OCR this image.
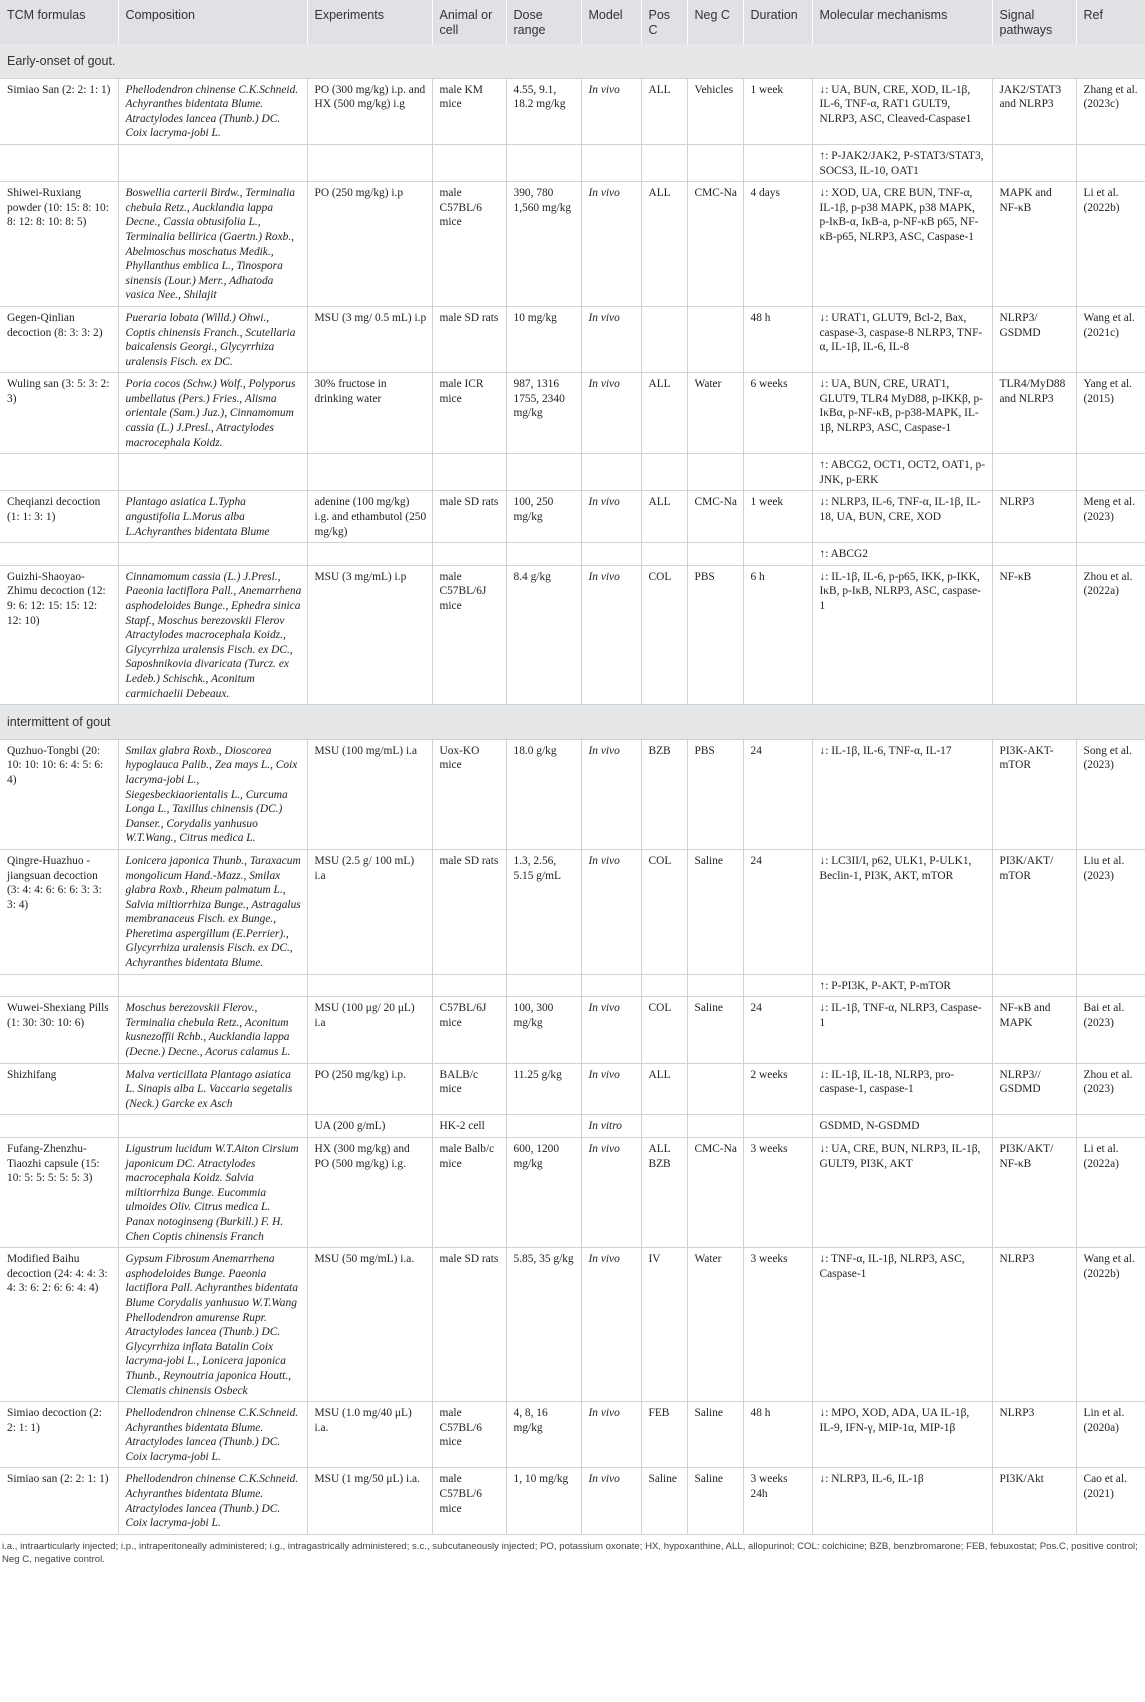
TCM formulas	Composition	Experiments	Animal or cell	Dose range	Model	Pos C	Neg C	Duration	Molecular mechanisms	Signal pathways	Ref
Early-onset of gout.											
Simiao San (2: 2: 1: 1)	Phellodendron chinense C.K.Schneid. Achyranthes bidentata Blume. Atractylodes lancea (Thunb.) DC. Coix lacryma-jobi L.	PO (300 mg/kg) i.p. and HX (500 mg/kg) i.g	male KM mice	4.55, 9.1, 18.2 mg/kg	In vivo	ALL	Vehicles	1 week	↓: UA, BUN, CRE, XOD, IL-1β, IL-6, TNF-α, RAT1 GULT9, NLRP3, ASC, Cleaved-Caspase1	JAK2/STAT3 and NLRP3	Zhang et al. (2023c)
									↑: P-JAK2/JAK2, P-STAT3/STAT3, SOCS3, IL-10, OAT1		
Shiwei-Ruxiang powder (10: 15: 8: 10: 8: 12: 8: 10: 8: 5)	Boswellia carterii Birdw., Terminalia chebula Retz., Aucklandia lappa Decne., Cassia obtusifolia L., Terminalia bellirica (Gaertn.) Roxb., Abelmoschus moschatus Medik., Phyllanthus emblica L., Tinospora sinensis (Lour.) Merr., Adhatoda vasica Nee., Shilajit	PO (250 mg/kg) i.p	male C57BL/6 mice	390, 780 1,560 mg/kg	In vivo	ALL	CMC-Na	4 days	↓: XOD, UA, CRE BUN, TNF-α, IL-1β, p-p38 MAPK, p38 MAPK, p-IκB-α, IκB-a, p-NF-κB p65, NF-κB-p65, NLRP3, ASC, Caspase-1	MAPK and NF-κB	Li et al. (2022b)
Gegen-Qinlian decoction (8: 3: 3: 2)	Pueraria lobata (Willd.) Ohwi., Coptis chinensis Franch., Scutellaria baicalensis Georgi., Glycyrrhiza uralensis Fisch. ex DC.	MSU (3 mg/ 0.5 mL) i.p	male SD rats	10 mg/kg	In vivo			48 h	↓: URAT1, GLUT9, Bcl-2, Bax, caspase-3, caspase-8 NLRP3, TNF-α, IL-1β, IL-6, IL-8	NLRP3/ GSDMD	Wang et al. (2021c)
Wuling san (3: 5: 3: 2: 3)	Poria cocos (Schw.) Wolf., Polyporus umbellatus (Pers.) Fries., Alisma orientale (Sam.) Juz.), Cinnamomum cassia (L.) J.Presl., Atractylodes macrocephala Koidz.	30% fructose in drinking water	male ICR mice	987, 1316 1755, 2340 mg/kg	In vivo	ALL	Water	6 weeks	↓: UA, BUN, CRE, URAT1, GLUT9, TLR4 MyD88, p-IKKβ, p-IκBα, p-NF-κB, p-p38-MAPK, IL-1β, NLRP3, ASC, Caspase-1	TLR4/MyD88 and NLRP3	Yang et al. (2015)
									↑: ABCG2, OCT1, OCT2, OAT1, p-JNK, p-ERK		
Cheqianzi decoction (1: 1: 3: 1)	Plantago asiatica L.Typha angustifolia L.Morus alba L.Achyranthes bidentata Blume	adenine (100 mg/kg) i.g. and ethambutol (250 mg/kg)	male SD rats	100, 250 mg/kg	In vivo	ALL	CMC-Na	1 week	↓: NLRP3, IL-6, TNF-α, IL-1β, IL-18, UA, BUN, CRE, XOD	NLRP3	Meng et al. (2023)
									↑: ABCG2		
Guizhi-Shaoyao-Zhimu decoction (12: 9: 6: 12: 15: 15: 12: 12: 10)	Cinnamomum cassia (L.) J.Presl., Paeonia lactiflora Pall., Anemarrhena asphodeloides Bunge., Ephedra sinica Stapf., Moschus berezovskii Flerov Atractylodes macrocephala Koidz., Glycyrrhiza uralensis Fisch. ex DC., Saposhnikovia divaricata (Turcz. ex Ledeb.) Schischk., Aconitum carmichaelii Debeaux.	MSU (3 mg/mL) i.p	male C57BL/6J mice	8.4 g/kg	In vivo	COL	PBS	6 h	↓: IL-1β, IL-6, p-p65, IKK, p-IKK, IκB, p-IκB, NLRP3, ASC, caspase-1	NF-κB	Zhou et al. (2022a)
intermittent of gout											
Quzhuo-Tongbi (20: 10: 10: 10: 6: 4: 5: 6: 4)	Smilax glabra Roxb., Dioscorea hypoglauca Palib., Zea mays L., Coix lacryma-jobi L., Siegesbeckiaorientalis L., Curcuma Longa L., Taxillus chinensis (DC.) Danser., Corydalis yanhusuo W.T.Wang., Citrus medica L.	MSU (100 mg/mL) i.a	Uox-KO mice	18.0 g/kg	In vivo	BZB	PBS	24	↓: IL-1β, IL-6, TNF-α, IL-17	PI3K-AKT-mTOR	Song et al. (2023)
Qingre-Huazhuo -jiangsuan decoction (3: 4: 4: 6: 6: 6: 3: 3: 3: 4)	Lonicera japonica Thunb., Taraxacum mongolicum Hand.-Mazz., Smilax glabra Roxb., Rheum palmatum L., Salvia miltiorrhiza Bunge., Astragalus membranaceus Fisch. ex Bunge., Pheretima aspergillum (E.Perrier)., Glycyrrhiza uralensis Fisch. ex DC., Achyranthes bidentata Blume.	MSU (2.5 g/ 100 mL) i.a	male SD rats	1.3, 2.56, 5.15 g/mL	In vivo	COL	Saline	24	↓: LC3II/I, p62, ULK1, P-ULK1, Beclin-1, PI3K, AKT, mTOR	PI3K/AKT/ mTOR	Liu et al. (2023)
									↑: P-PI3K, P-AKT, P-mTOR		
Wuwei-Shexiang Pills (1: 30: 30: 10: 6)	Moschus berezovskii Flerov., Terminalia chebula Retz., Aconitum kusnezoffii Rchb., Aucklandia lappa (Decne.) Decne., Acorus calamus L.	MSU (100 μg/ 20 μL) i.a	C57BL/6J mice	100, 300 mg/kg	In vivo	COL	Saline	24	↓: IL-1β, TNF-α, NLRP3, Caspase-1	NF-κB and MAPK	Bai et al. (2023)
Shizhifang	Malva verticillata Plantago asiatica L. Sinapis alba L. Vaccaria segetalis (Neck.) Garcke ex Asch	PO (250 mg/kg) i.p.	BALB/c mice	11.25 g/kg	In vivo	ALL		2 weeks	↓: IL-1β, IL-18, NLRP3, pro-caspase-1, caspase-1	NLRP3// GSDMD	Zhou et al. (2023)
		UA (200 g/mL)	HK-2 cell		In vitro				GSDMD, N-GSDMD		
Fufang-Zhenzhu-Tiaozhi capsule (15: 10: 5: 5: 5: 5: 5: 3)	Ligustrum lucidum W.T.Aiton Cirsium japonicum DC. Atractylodes macrocephala Koidz. Salvia miltiorrhiza Bunge. Eucommia ulmoides Oliv. Citrus medica L. Panax notoginseng (Burkill.) F. H. Chen Coptis chinensis Franch	HX (300 mg/kg) and PO (500 mg/kg) i.g.	male Balb/c mice	600, 1200 mg/kg	In vivo	ALL BZB	CMC-Na	3 weeks	↓: UA, CRE, BUN, NLRP3, IL-1β, GULT9, PI3K, AKT	PI3K/AKT/ NF-κB	Li et al. (2022a)
Modified Baihu decoction (24: 4: 4: 3: 4: 3: 6: 2: 6: 6: 4: 4)	Gypsum Fibrosum Anemarrhena asphodeloides Bunge. Paeonia lactiflora Pall. Achyranthes bidentata Blume Corydalis yanhusuo W.T.Wang Phellodendron amurense Rupr. Atractylodes lancea (Thunb.) DC. Glycyrrhiza inflata Batalin Coix lacryma-jobi L., Lonicera japonica Thunb., Reynoutria japonica Houtt., Clematis chinensis Osbeck	MSU (50 mg/mL) i.a.	male SD rats	5.85, 35 g/kg	In vivo	IV	Water	3 weeks	↓: TNF-α, IL-1β, NLRP3, ASC, Caspase-1	NLRP3	Wang et al. (2022b)
Simiao decoction (2: 2: 1: 1)	Phellodendron chinense C.K.Schneid. Achyranthes bidentata Blume. Atractylodes lancea (Thunb.) DC. Coix lacryma-jobi L.	MSU (1.0 mg/40 μL) i.a.	male C57BL/6 mice	4, 8, 16 mg/kg	In vivo	FEB	Saline	48 h	↓: MPO, XOD, ADA, UA IL-1β, IL-9, IFN-γ, MIP-1α, MIP-1β	NLRP3	Lin et al. (2020a)
Simiao san (2: 2: 1: 1)	Phellodendron chinense C.K.Schneid. Achyranthes bidentata Blume. Atractylodes lancea (Thunb.) DC. Coix lacryma-jobi L.	MSU (1 mg/50 μL) i.a.	male C57BL/6 mice	1, 10 mg/kg	In vivo	Saline	Saline	3 weeks 24h	↓: NLRP3, IL-6, IL-1β	PI3K/Akt	Cao et al. (2021)
i.a., intraarticularly injected; i.p., intraperitoneally administered; i.g., intragastrically administered; s.c., subcutaneously injected; PO, potassium oxonate; HX, hypoxanthine, ALL, allopurinol; COL: colchicine; BZB, benzbromarone; FEB, febuxostat; Pos.C, positive control; Neg C, negative control.
